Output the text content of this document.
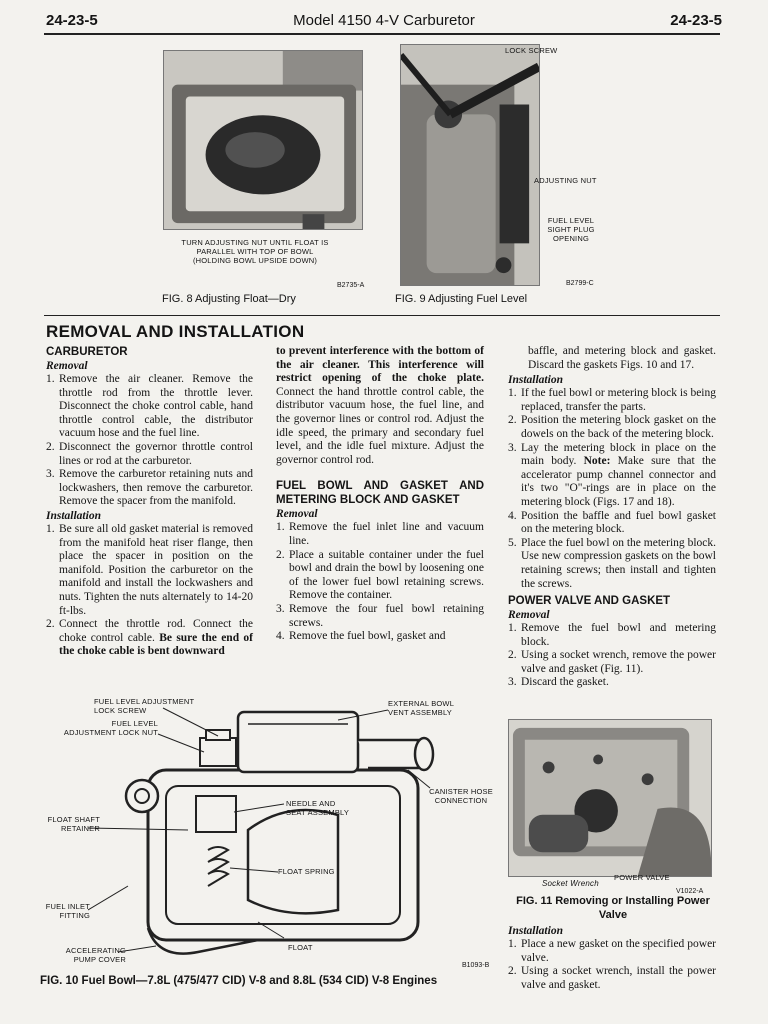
24-23-5	Model 4150 4-V Carburetor	24-23-5
TURN ADJUSTING NUT UNTIL FLOAT IS PARALLEL WITH TOP OF BOWL (HOLDING BOWL UPSIDE DOWN)
B2735-A
FIG. 8 Adjusting Float—Dry
LOCK SCREW
ADJUSTING NUT
FUEL LEVEL SIGHT PLUG OPENING
B2799-C
FIG. 9 Adjusting Fuel Level
REMOVAL AND INSTALLATION
CARBURETOR
Removal
1. Remove the air cleaner. Remove the throttle rod from the throttle lever. Disconnect the choke control cable, hand throttle control cable, the distributor vacuum hose and the fuel line.
2. Disconnect the governor throttle control lines or rod at the carburetor.
3. Remove the carburetor retaining nuts and lockwashers, then remove the carburetor. Remove the spacer from the manifold.
Installation
1. Be sure all old gasket material is removed from the manifold heat riser flange, then place the spacer in position on the manifold. Position the carburetor on the manifold and install the lockwashers and nuts. Tighten the nuts alternately to 14-20 ft-lbs.
2. Connect the throttle rod. Connect the choke control cable. Be sure the end of the choke cable is bent downward

to prevent interference with the bottom of the air cleaner. This interference will restrict opening of the choke plate. Connect the hand throttle control cable, the distributor vacuum hose, the fuel line, and the governor lines or control rod. Adjust the idle speed, the primary and secondary fuel level, and the idle fuel mixture. Adjust the governor control rod.

FUEL BOWL AND GASKET AND METERING BLOCK AND GASKET
Removal
1. Remove the fuel inlet line and vacuum line.
2. Place a suitable container under the fuel bowl and drain the bowl by loosening one of the lower fuel bowl retaining screws. Remove the container.
3. Remove the four fuel bowl retaining screws.
4. Remove the fuel bowl, gasket and

baffle, and metering block and gasket. Discard the gaskets Figs. 10 and 17.

Installation
1. If the fuel bowl or metering block is being replaced, transfer the parts.
2. Position the metering block gasket on the dowels on the back of the metering block.
3. Lay the metering block in place on the main body. Note: Make sure that the accelerator pump channel connector and it's two "O"-rings are in place on the metering block (Figs. 17 and 18).
4. Position the baffle and fuel bowl gasket on the metering block.
5. Place the fuel bowl on the metering block. Use new compression gaskets on the bowl retaining screws; then install and tighten the screws.
POWER VALVE AND GASKET
Removal
1. Remove the fuel bowl and metering block.
2. Using a socket wrench, remove the power valve and gasket (Fig. 11).
3. Discard the gasket.
Socket Wrench
POWER VALVE
V1022-A
FIG. 11 Removing or Installing Power Valve
Installation
1. Place a new gasket on the specified power valve.
2. Using a socket wrench, install the power valve and gasket.
FUEL LEVEL ADJUSTMENT LOCK SCREW
FUEL LEVEL ADJUSTMENT LOCK NUT
EXTERNAL BOWL VENT ASSEMBLY
CANISTER HOSE CONNECTION
NEEDLE AND SEAT ASSEMBLY
FLOAT SHAFT RETAINER
FLOAT SPRING
FUEL INLET FITTING
FLOAT
ACCELERATING PUMP COVER
B1093-B
FIG. 10 Fuel Bowl—7.8L (475/477 CID) V-8 and 8.8L (534 CID) V-8 Engines
